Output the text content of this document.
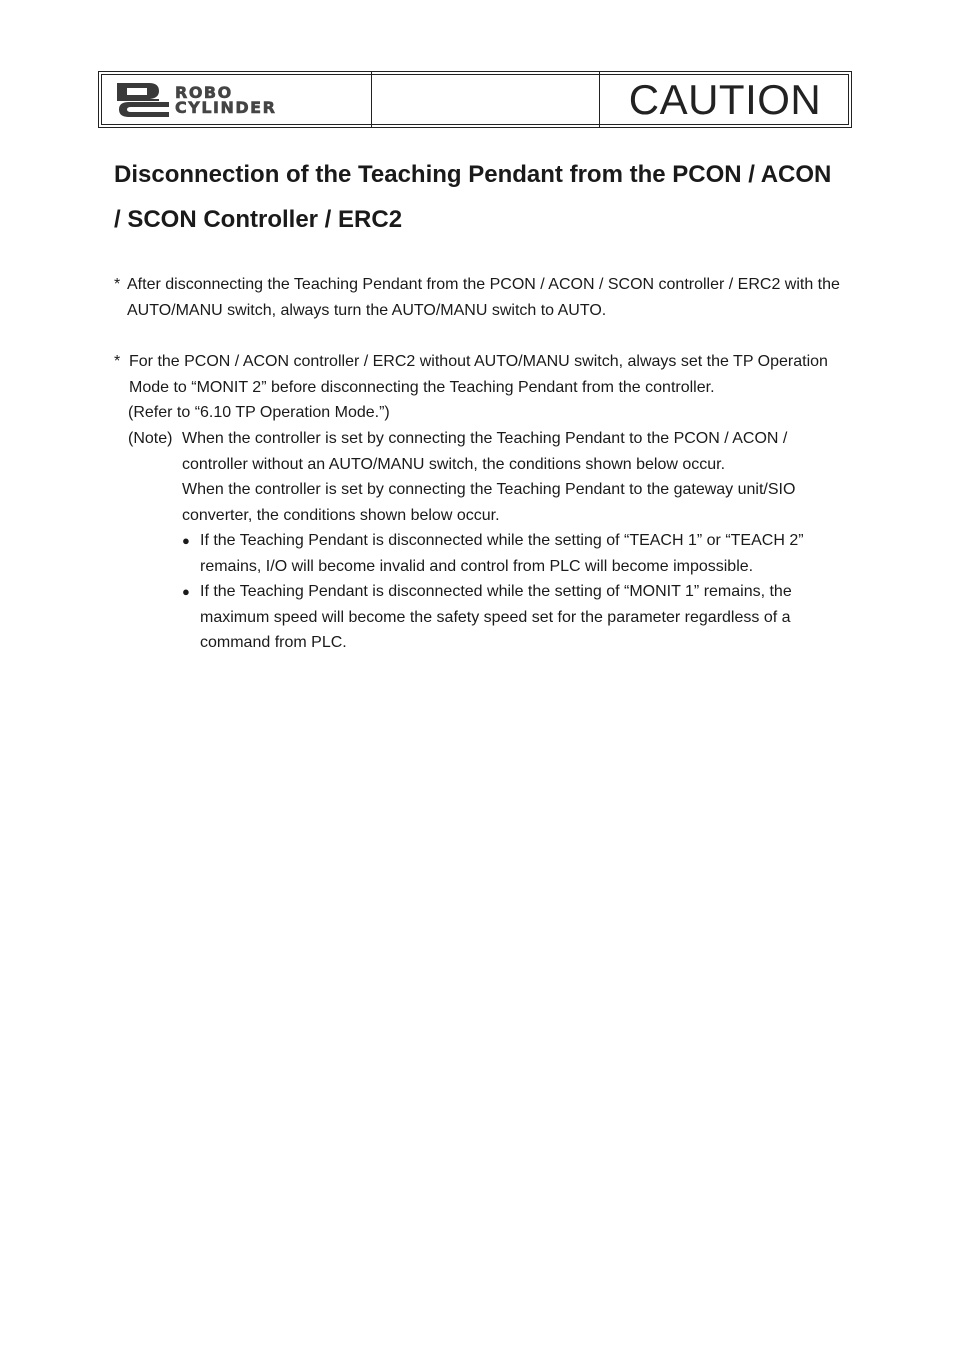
ROBO
CYLINDER	CAUTION
Disconnection of the Teaching Pendant from the PCON / ACON / SCON Controller / ERC2
* After disconnecting the Teaching Pendant from the PCON / ACON / SCON controller / ERC2 with the AUTO/MANU switch, always turn the AUTO/MANU switch to AUTO.
* For the PCON / ACON controller / ERC2 without AUTO/MANU switch, always set the TP Operation Mode to “MONIT 2” before disconnecting the Teaching Pendant from the controller.
(Refer to “6.10 TP Operation Mode.”)
(Note) When the controller is set by connecting the Teaching Pendant to the PCON / ACON / controller without an AUTO/MANU switch, the conditions shown below occur.
When the controller is set by connecting the Teaching Pendant to the gateway unit/SIO converter, the conditions shown below occur.
● If the Teaching Pendant is disconnected while the setting of “TEACH 1” or “TEACH 2” remains, I/O will become invalid and control from PLC will become impossible.
● If the Teaching Pendant is disconnected while the setting of “MONIT 1” remains, the maximum speed will become the safety speed set for the parameter regardless of a command from PLC.
